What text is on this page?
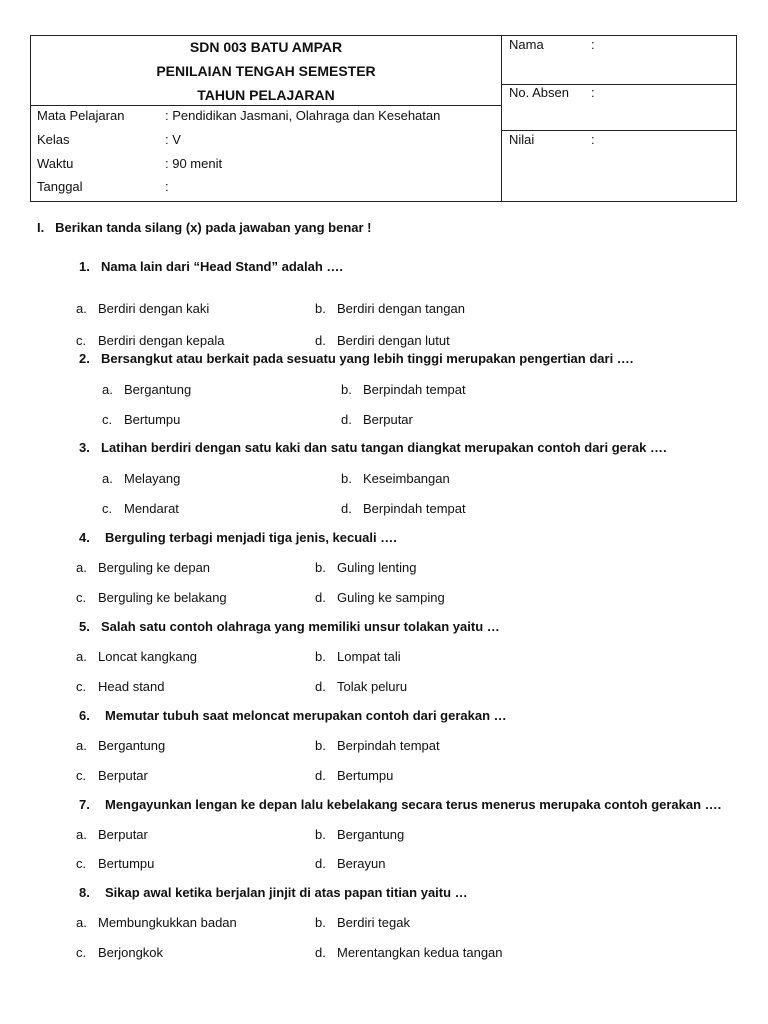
SDN 003 BATU AMPAR
PENILAIAN TENGAH SEMESTER
TAHUN PELAJARAN
Mata Pelajaran	: Pendidikan Jasmani, Olahraga dan Kesehatan
Kelas	: V
Waktu	: 90 menit
Tanggal	:
Nama	:
No. Absen :
Nilai	:
I. Berikan tanda silang (x) pada jawaban yang benar !
1. Nama lain dari “Head Stand” adalah ….
a. Berdiri dengan kaki	b. Berdiri dengan tangan
c. Berdiri dengan kepala	d. Berdiri dengan lutut
2. Bersangkut atau berkait pada sesuatu yang lebih tinggi merupakan pengertian dari ….
a. Bergantung	b. Berpindah tempat
c. Bertumpu	d. Berputar
3. Latihan berdiri dengan satu kaki dan satu tangan diangkat merupakan contoh dari gerak ….
a. Melayang	b. Keseimbangan
c. Mendarat	d. Berpindah tempat
4. Berguling terbagi menjadi tiga jenis, kecuali ….
a. Berguling ke depan	b. Guling lenting
c. Berguling ke belakang	d. Guling ke samping
5. Salah satu contoh olahraga yang memiliki unsur tolakan yaitu …
a. Loncat kangkang	b. Lompat tali
c. Head stand	d. Tolak peluru
6. Memutar tubuh saat meloncat merupakan contoh dari gerakan …
a. Bergantung	b. Berpindah tempat
c. Berputar	d. Bertumpu
7. Mengayunkan lengan ke depan lalu kebelakang secara terus menerus merupaka contoh gerakan ….
a. Berputar	b. Bergantung
c. Bertumpu	d. Berayun
8. Sikap awal ketika berjalan jinjit di atas papan titian yaitu …
a. Membungkukkan badan	b. Berdiri tegak
c. Berjongkok	d. Merentangkan kedua tangan
